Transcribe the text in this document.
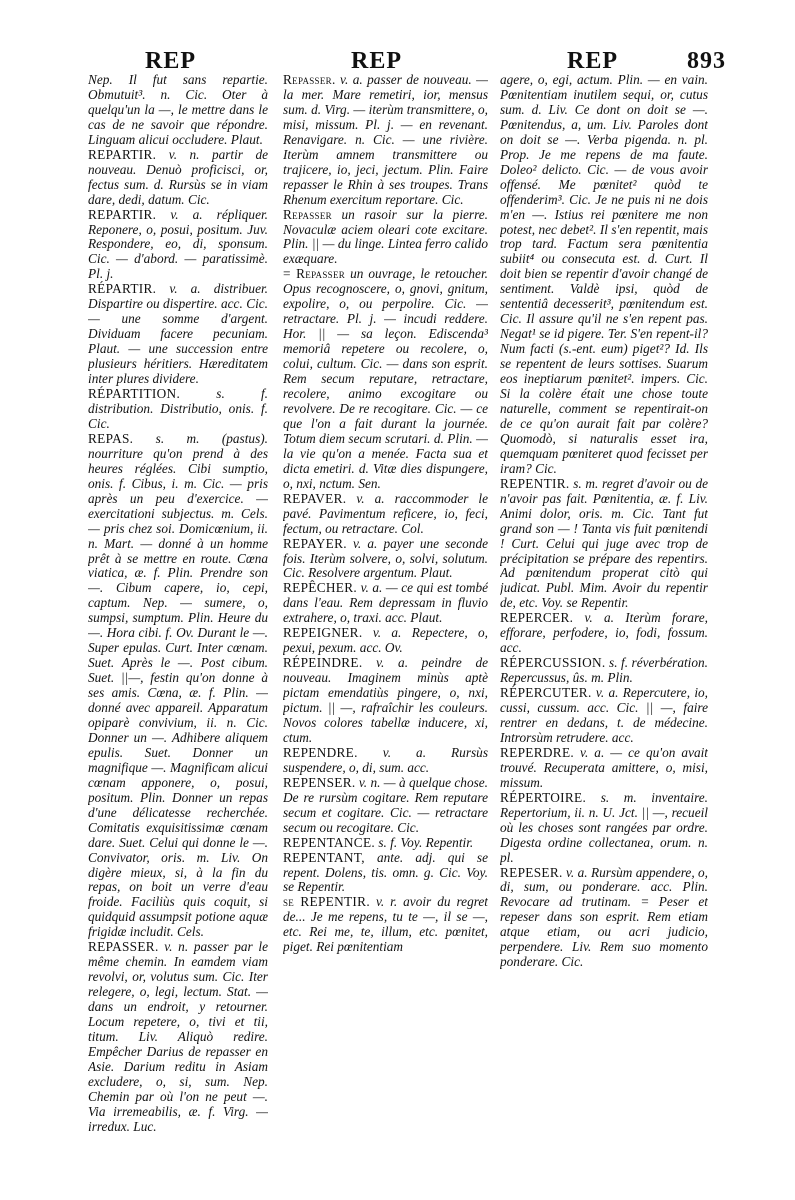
REP	REP	REP	893

Nep. Il fut sans repartie. Obmutuit³. n. Cic. Oter à quelqu'un la —, le mettre dans le cas de ne savoir que répondre. Linguam alicui occludere. Plaut.

REPARTIR. v. n. partir de nouveau. Denuò proficisci, or, fectus sum. d. Rursùs se in viam dare, dedi, datum. Cic.

REPARTIR. v. a. répliquer. Reponere, o, posui, positum. Juv. Respondere, eo, di, sponsum. Cic. — d'abord. — paratissimè. Pl. j.

RÉPARTIR. v. a. distribuer. Dispartire ou dispertire. acc. Cic. — une somme d'argent. Dividuam facere pecuniam. Plaut. — une succession entre plusieurs héritiers. Hæreditatem inter plures dividere.

RÉPARTITION.	s. f. distribution. Distributio, onis. f. Cic.

REPAS. s. m. (pastus). nourriture qu'on prend à des heures réglées. Cibi sumptio, onis. f. Cibus, i. m. Cic. — pris après un peu d'exercice. — exercitationi subjectus. m. Cels. — pris chez soi. Domicœnium, ii. n. Mart. — donné à un homme prêt à se mettre en route. Cœna viatica, æ. f. Plin. Prendre son —. Cibum capere, io, cepi, captum. Nep. — sumere, o, sumpsi, sumptum. Plin. Heure du —. Hora cibi. f. Ov. Durant le —. Super epulas. Curt. Inter cœnam. Suet. Après le —. Post cibum. Suet. ||—, festin qu'on donne à ses amis. Cœna, æ. f. Plin. — donné avec appareil. Apparatum opiparè convivium, ii. n. Cic. Donner un —. Adhibere aliquem epulis. Suet. Donner un magnifique —. Magnificam alicui cœnam apponere, o, posui, positum. Plin. Donner un repas d'une délicatesse recherchée. Comitatis exquisitissimæ cœnam dare. Suet. Celui qui donne le —. Convivator, oris. m. Liv. On digère mieux, si, à la fin du repas, on boit un verre d'eau froide. Faciliùs quis coquit, si quidquid assumpsit potione aquæ frigidæ includit. Cels.

REPASSER. v. n. passer par le même chemin. In eamdem viam revolvi, or, volutus sum. Cic. Iter relegere, o, legi, lectum. Stat. — dans un endroit, y retourner. Locum repetere, o, tivi et tii, titum. Liv. Aliquò redire. Empêcher Darius de repasser en Asie. Darium reditu in Asiam excludere, o, si, sum. Nep. Chemin par où l'on ne peut —. Via irremeabilis, æ. f. Virg. — irredux. Luc.

Repasser. v. a. passer de nouveau. — la mer. Mare remetiri, ior, mensus sum. d. Virg. — iterùm transmittere, o, misi, missum. Pl. j. — en revenant. Renavigare. n. Cic. — une rivière. Iterùm amnem transmittere ou trajicere, io, jeci, jectum. Plin. Faire repasser le Rhin à ses troupes. Trans Rhenum exercitum reportare. Cic.

Repasser un rasoir sur la pierre. Novaculæ aciem oleari cote excitare. Plin. || — du linge. Lintea ferro calido exæquare.

= Repasser un ouvrage, le retoucher. Opus recognoscere, o, gnovi, gnitum, expolire, o, ou perpolire. Cic. — retractare. Pl. j. — incudi reddere. Hor. || — sa leçon. Ediscenda³ memoriâ repetere ou recolere, o, colui, cultum. Cic. — dans son esprit. Rem secum reputare, retractare, recolere, animo excogitare ou revolvere. De re recogitare. Cic. — ce que l'on a fait durant la journée. Totum diem secum scrutari. d. Plin. — la vie qu'on a menée. Facta sua et dicta emetiri. d. Vitæ dies dispungere, o, nxi, nctum. Sen.

REPAVER. v. a. raccommoder le pavé. Pavimentum reficere, io, feci, fectum, ou retractare. Col.

REPAYER. v. a. payer une seconde fois. Iterùm solvere, o, solvi, solutum. Cic. Resolvere argentum. Plaut.

REPÊCHER. v. a. — ce qui est tombé dans l'eau. Rem depressam in fluvio extrahere, o, traxi. acc. Plaut.

REPEIGNER. v. a. Repectere, o, pexui, pexum. acc. Ov.

RÉPEINDRE. v. a. peindre de nouveau. Imaginem minùs aptè pictam emendatiùs pingere, o, nxi, pictum. || —, rafraîchir les couleurs. Novos colores tabellæ inducere, xi, ctum.

REPENDRE. v. a. Rursùs suspendere, o, di, sum. acc.

REPENSER. v. n. — à quelque chose. De re rursùm cogitare. Rem reputare secum et cogitare. Cic. — retractare secum ou recogitare. Cic.

REPENTANCE. s. f. Voy. Repentir.

REPENTANT, ante. adj. qui se repent. Dolens, tis. omn. g. Cic. Voy. se Repentir.

se REPENTIR. v. r. avoir du regret de... Je me repens, tu te —, il se —, etc. Rei me, te, illum, etc. pœnitet, piget. Rei pœnitentiam

agere, o, egi, actum. Plin. — en vain. Pœnitentiam inutilem sequi, or, cutus sum. d. Liv. Ce dont on doit se —. Pœnitendus, a, um. Liv. Paroles dont on doit se —. Verba pigenda. n. pl. Prop. Je me repens de ma faute. Doleo² delicto. Cic. — de vous avoir offensé. Me pœnitet² quòd te offenderim³. Cic. Je ne puis ni ne dois m'en —. Istius rei pœnitere me non potest, nec debet². Il s'en repentit, mais trop tard. Factum sera pœnitentia subiit⁴ ou consecuta est. d. Curt. Il doit bien se repentir d'avoir changé de sentiment. Valdè ipsi, quòd de sententiâ decesserit³, pœnitendum est. Cic. Il assure qu'il ne s'en repent pas. Negat¹ se id pigere. Ter. S'en repent-il? Num facti (s.-ent. eum) piget²? Id. Ils se repentent de leurs sottises. Suarum eos ineptiarum pœnitet². impers. Cic. Si la colère était une chose toute naturelle, comment se repentirait-on de ce qu'on aurait fait par colère? Quomodò, si naturalis esset ira, quemquam pœniteret quod fecisset per iram? Cic.

REPENTIR. s. m. regret d'avoir ou de n'avoir pas fait. Pœnitentia, æ. f. Liv. Animi dolor, oris. m. Cic. Tant fut grand son — ! Tanta vis fuit pœnitendi ! Curt. Celui qui juge avec trop de précipitation se prépare des repentirs. Ad pœnitendum properat citò qui judicat. Publ. Mim. Avoir du repentir de, etc. Voy. se Repentir.

REPERCER. v. a. Iterùm forare, efforare, perfodere, io, fodi, fossum. acc.

RÉPERCUSSION. s. f. réverbération. Repercussus, ûs. m. Plin.

RÉPERCUTER. v. a. Repercutere, io, cussi, cussum. acc. Cic. || —, faire rentrer en dedans, t. de médecine. Introrsùm retrudere. acc.

REPERDRE. v. a. — ce qu'on avait trouvé. Recuperata amittere, o, misi, missum.

RÉPERTOIRE. s. m. inventaire. Repertorium, ii. n. U. Jct. || —, recueil où les choses sont rangées par ordre. Digesta ordine collectanea, orum. n. pl.

REPESER. v. a. Rursùm appendere, o, di, sum, ou ponderare. acc. Plin. Revocare ad trutinam. = Peser et repeser dans son esprit. Rem etiam atque etiam, ou acri judicio, perpendere. Liv. Rem suo momento ponderare. Cic.
